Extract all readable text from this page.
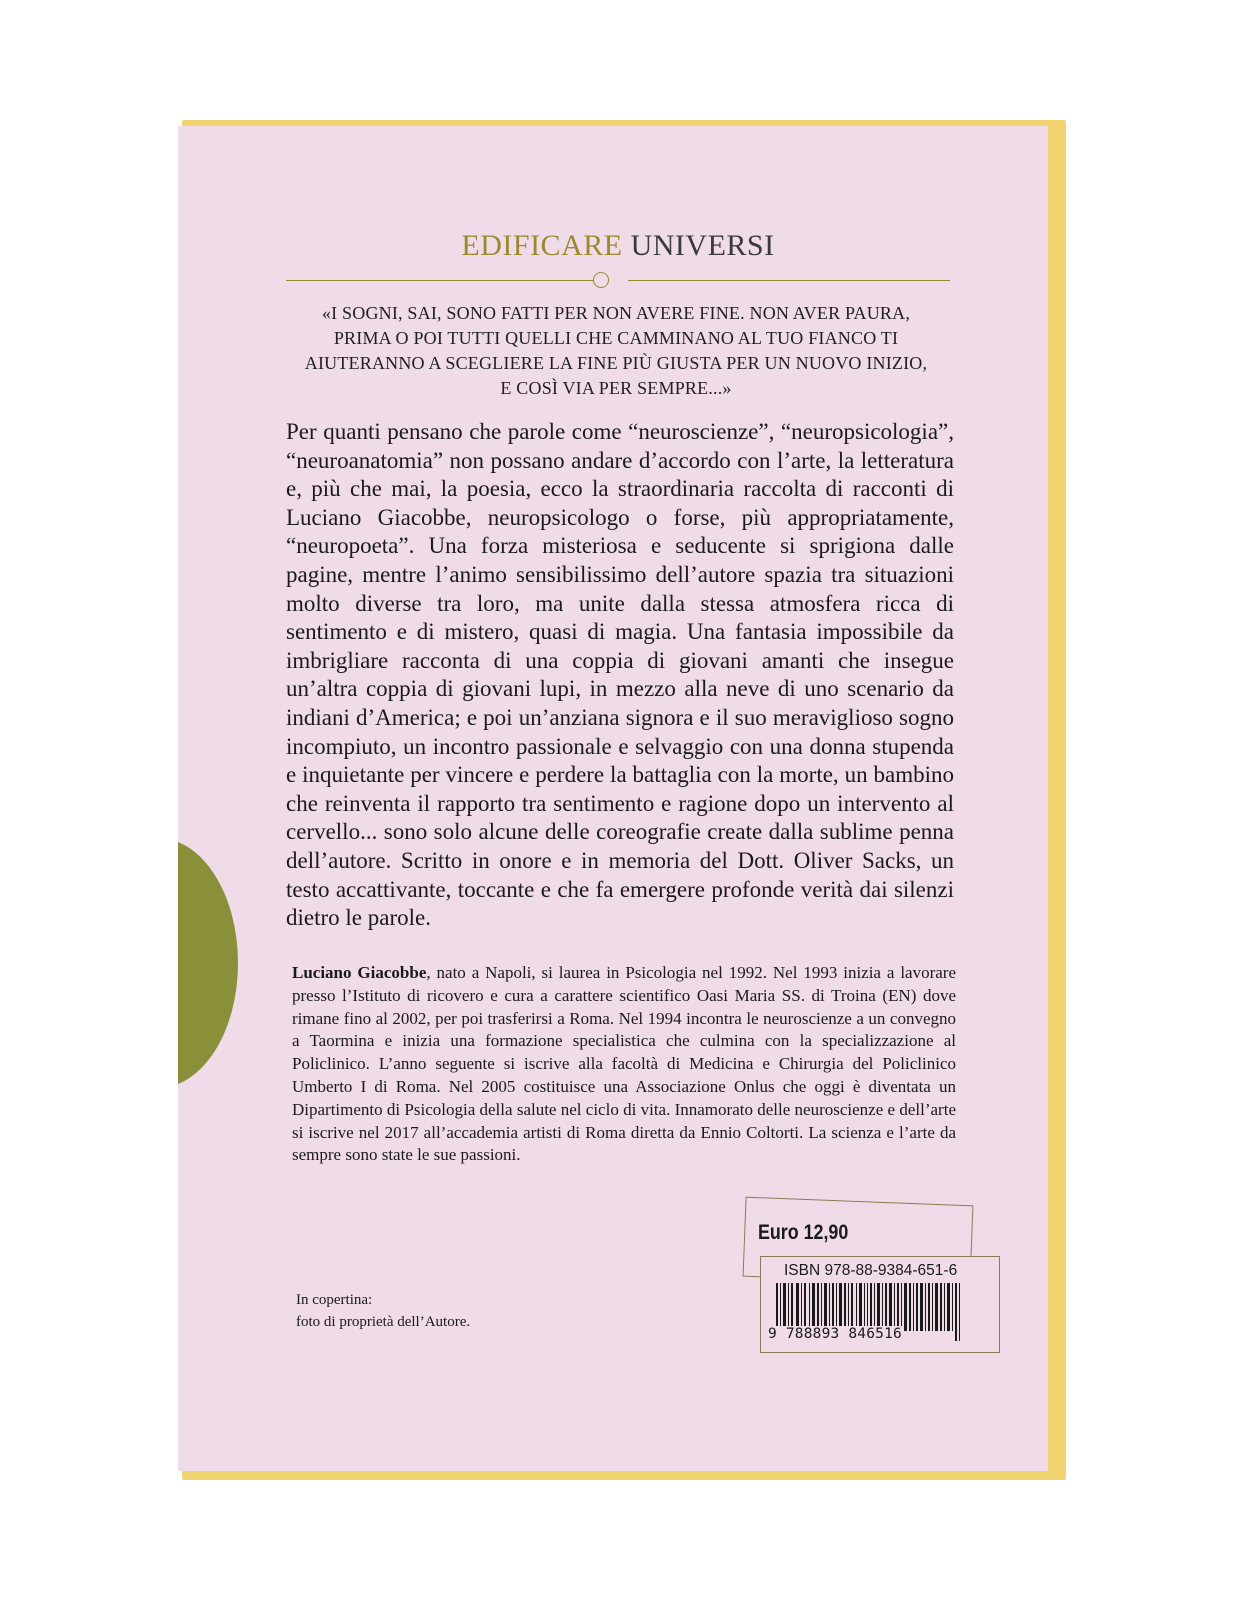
EDIFICARE UNIVERSI
«I SOGNI, SAI, SONO FATTI PER NON AVERE FINE. NON AVER PAURA,
PRIMA O POI TUTTI QUELLI CHE CAMMINANO AL TUO FIANCO TI
AIUTERANNO A SCEGLIERE LA FINE PIÙ GIUSTA PER UN NUOVO INIZIO,
E COSÌ VIA PER SEMPRE...»
Per quanti pensano che parole come “neuroscienze”, “neuropsicologia”, “neuroanatomia” non possano andare d’accordo con l’arte, la letteratura e, più che mai, la poesia, ecco la straordinaria raccolta di racconti di Luciano Giacobbe, neuropsicologo o forse, più appropriatamente, “neuropoeta”. Una forza misteriosa e seducente si sprigiona dalle pagine, mentre l’animo sensibilissimo dell’autore spazia tra situazioni molto diverse tra loro, ma unite dalla stessa atmosfera ricca di sentimento e di mistero, quasi di magia. Una fantasia impossibile da imbrigliare racconta di una coppia di giovani amanti che insegue un’altra coppia di giovani lupi, in mezzo alla neve di uno scenario da indiani d’America; e poi un’anziana signora e il suo meraviglioso sogno incompiuto, un incontro passionale e selvaggio con una donna stupenda e inquietante per vincere e perdere la battaglia con la morte, un bambino che reinventa il rapporto tra sentimento e ragione dopo un intervento al cervello... sono solo alcune delle coreografie create dalla sublime penna dell’autore. Scritto in onore e in memoria del Dott. Oliver Sacks, un testo accattivante, toccante e che fa emergere profonde verità dai silenzi dietro le parole.
Luciano Giacobbe, nato a Napoli, si laurea in Psicologia nel 1992. Nel 1993 inizia a lavorare presso l’Istituto di ricovero e cura a carattere scientifico Oasi Maria SS. di Troina (EN) dove rimane fino al 2002, per poi trasferirsi a Roma. Nel 1994 incontra le neuroscienze a un convegno a Taormina e inizia una formazione specialistica che culmina con la specializzazione al Policlinico. L’anno seguente si iscrive alla facoltà di Medicina e Chirurgia del Policlinico Umberto I di Roma. Nel 2005 costituisce una Associazione Onlus che oggi è diventata un Dipartimento di Psicologia della salute nel ciclo di vita. Innamorato delle neuroscienze e dell’arte si iscrive nel 2017 all’accademia artisti di Roma diretta da Ennio Coltorti. La scienza e l’arte da sempre sono state le sue passioni.
In copertina:
foto di proprietà dell’Autore.
Euro 12,90
ISBN 978-88-9384-651-6
9 788893 846516
